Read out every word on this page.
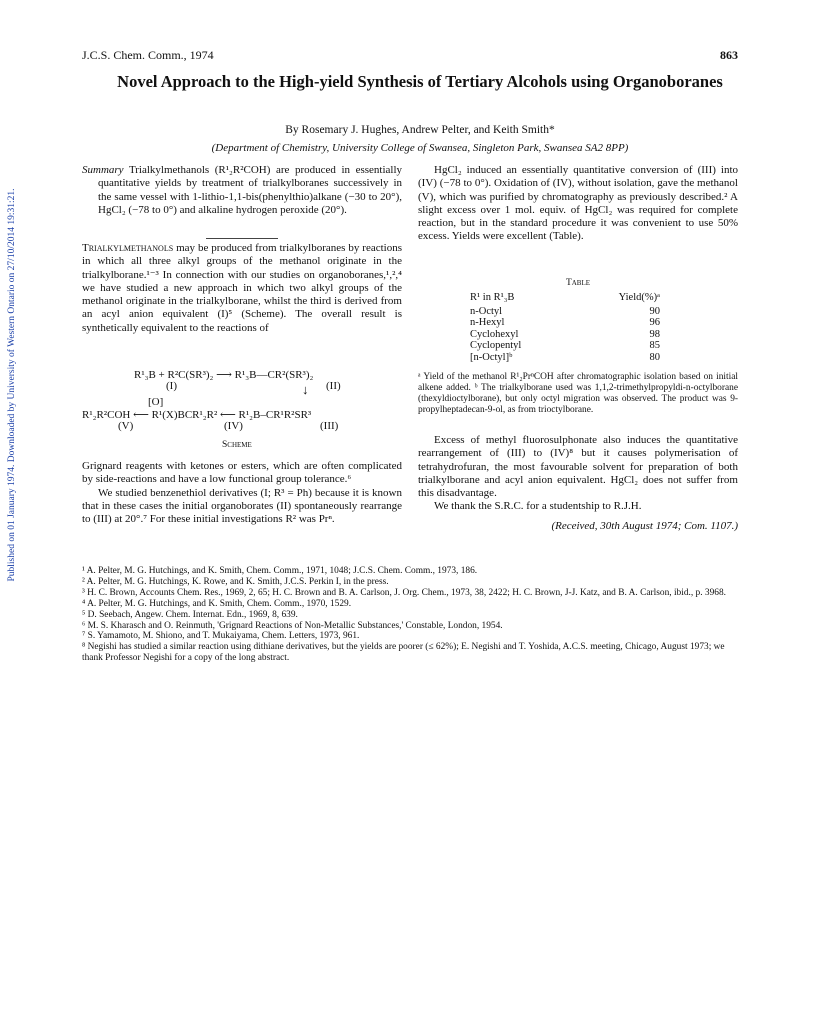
Published on 01 January 1974. Downloaded by University of Western Ontario on 27/10/2014 19:31:21.
J.C.S. Chem. Comm., 1974	863
Novel Approach to the High-yield Synthesis of Tertiary Alcohols using Organoboranes
By Rosemary J. Hughes, Andrew Pelter, and Keith Smith*
(Department of Chemistry, University College of Swansea, Singleton Park, Swansea SA2 8PP)

Summary Trialkylmethanols (R¹₂R²COH) are produced in essentially quantitative yields by treatment of trialkylboranes successively in the same vessel with 1-lithio-1,1-bis(phenylthio)alkane (−30 to 20°), HgCl₂ (−78 to 0°) and alkaline hydrogen peroxide (20°).

Trialkylmethanols may be produced from trialkylboranes by reactions in which all three alkyl groups of the methanol originate in the trialkylborane.¹⁻³ In connection with our studies on organoboranes,¹,²,⁴ we have studied a new approach in which two alkyl groups of the methanol originate in the trialkylborane, whilst the third is derived from an acyl anion equivalent (I)⁵ (Scheme). The overall result is synthetically equivalent to the reactions of

R¹₃B + R²C(SR³)₂ ⟶ R¹₃B—CR²(SR³)₂
(I)	(II)
↓
[O]
R¹₂R²COH ⟵ R¹(X)BCR¹₂R² ⟵ R¹₂B–CR¹R²SR³
(V)	(IV)	(III)
Scheme

Grignard reagents with ketones or esters, which are often complicated by side-reactions and have a low functional group tolerance.⁶

We studied benzenethiol derivatives (I; R³ = Ph) because it is known that in these cases the initial organoborates (II) spontaneously rearrange to (III) at 20°.⁷ For these initial investigations R² was Prⁿ.

HgCl₂ induced an essentially quantitative conversion of (III) into (IV) (−78 to 0°). Oxidation of (IV), without isolation, gave the methanol (V), which was purified by chromatography as previously described.² A slight excess over 1 mol. equiv. of HgCl₂ was required for complete reaction, but in the standard procedure it was convenient to use 50% excess. Yields were excellent (Table).

Table
R¹ in R¹₃B	Yield(%)ᵃ
n-Octyl	90
n-Hexyl	96
Cyclohexyl	98
Cyclopentyl	85
[n-Octyl]ᵇ	80
ᵃ Yield of the methanol R¹₂PrⁿCOH after chromatographic isolation based on initial alkene added. ᵇ The trialkylborane used was 1,1,2-trimethylpropyldi-n-octylborane (thexyldioctylborane), but only octyl migration was observed. The product was 9-propylheptadecan-9-ol, as from trioctylborane.

Excess of methyl fluorosulphonate also induces the quantitative rearrangement of (III) to (IV)⁸ but it causes polymerisation of tetrahydrofuran, the most favourable solvent for preparation of both trialkylborane and acyl anion equivalent. HgCl₂ does not suffer from this disadvantage.

We thank the S.R.C. for a studentship to R.J.H.

(Received, 30th August 1974; Com. 1107.)

¹ A. Pelter, M. G. Hutchings, and K. Smith, Chem. Comm., 1971, 1048; J.C.S. Chem. Comm., 1973, 186.

² A. Pelter, M. G. Hutchings, K. Rowe, and K. Smith, J.C.S. Perkin I, in the press.

³ H. C. Brown, Accounts Chem. Res., 1969, 2, 65; H. C. Brown and B. A. Carlson, J. Org. Chem., 1973, 38, 2422; H. C. Brown, J-J. Katz, and B. A. Carlson, ibid., p. 3968.

⁴ A. Pelter, M. G. Hutchings, and K. Smith, Chem. Comm., 1970, 1529.

⁵ D. Seebach, Angew. Chem. Internat. Edn., 1969, 8, 639.

⁶ M. S. Kharasch and O. Reinmuth, 'Grignard Reactions of Non-Metallic Substances,' Constable, London, 1954.

⁷ S. Yamamoto, M. Shiono, and T. Mukaiyama, Chem. Letters, 1973, 961.

⁸ Negishi has studied a similar reaction using dithiane derivatives, but the yields are poorer (≤ 62%); E. Negishi and T. Yoshida, A.C.S. meeting, Chicago, August 1973; we thank Professor Negishi for a copy of the long abstract.
